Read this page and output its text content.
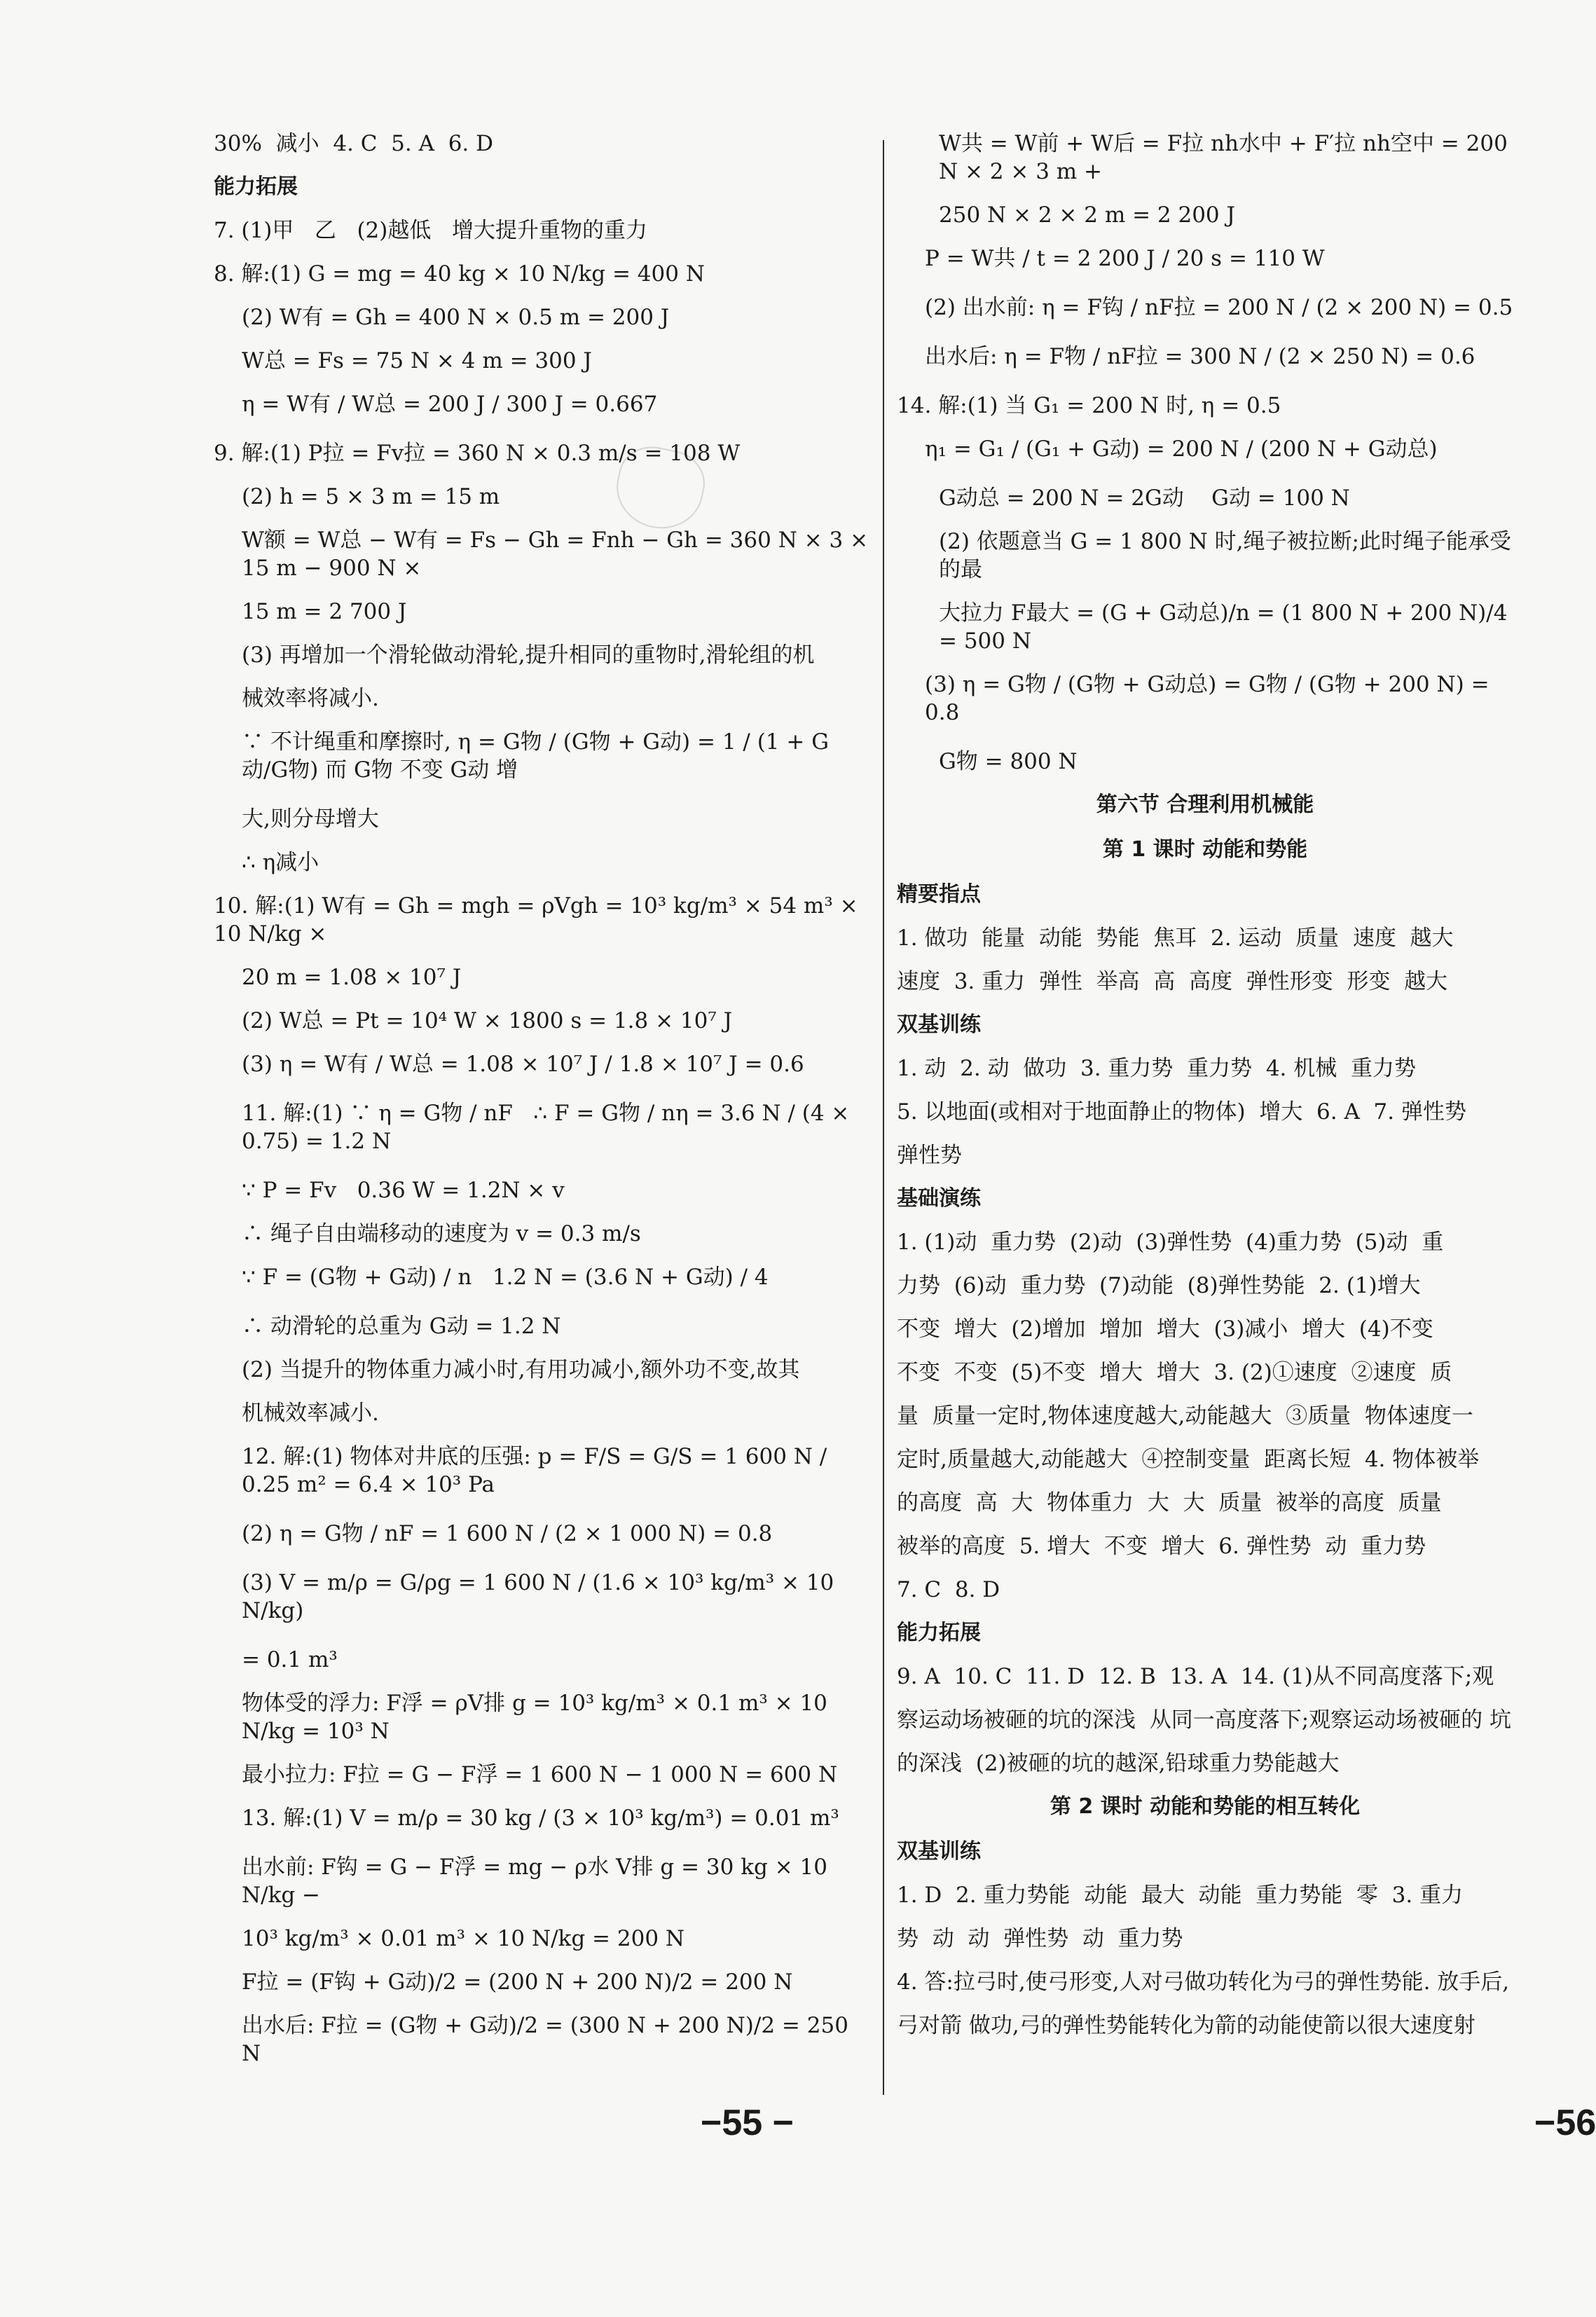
30%  减小  4. C  5. A  6. D
能力拓展
7. (1)甲   乙   (2)越低   增大提升重物的重力
8. 解:(1) G = mg = 40 kg × 10 N/kg = 400 N
(2) W有 = Gh = 400 N × 0.5 m = 200 J
W总 = Fs = 75 N × 4 m = 300 J
η = W有 / W总 = 200 J / 300 J = 0.667
9. 解:(1) P拉 = Fv拉 = 360 N × 0.3 m/s = 108 W
(2) h = 5 × 3 m = 15 m
W额 = W总 − W有 = Fs − Gh = Fnh − Gh = 360 N × 3 × 15 m − 900 N ×
15 m = 2 700 J
(3) 再增加一个滑轮做动滑轮,提升相同的重物时,滑轮组的机
械效率将减小.
∵ 不计绳重和摩擦时, η = G物 / (G物 + G动) = 1 / (1 + G动/G物) 而 G物 不变 G动 增
大,则分母增大
∴ η减小
10. 解:(1) W有 = Gh = mgh = ρVgh = 10³ kg/m³ × 54 m³ × 10 N/kg ×
20 m = 1.08 × 10⁷ J
(2) W总 = Pt = 10⁴ W × 1800 s = 1.8 × 10⁷ J
(3) η = W有 / W总 = 1.08 × 10⁷ J / 1.8 × 10⁷ J = 0.6
11. 解:(1) ∵ η = G物 / nF   ∴ F = G物 / nη = 3.6 N / (4 × 0.75) = 1.2 N
∵ P = Fv   0.36 W = 1.2N × v
∴ 绳子自由端移动的速度为 v = 0.3 m/s
∵ F = (G物 + G动) / n   1.2 N = (3.6 N + G动) / 4
∴ 动滑轮的总重为 G动 = 1.2 N
(2) 当提升的物体重力减小时,有用功减小,额外功不变,故其
机械效率减小.
12. 解:(1) 物体对井底的压强: p = F/S = G/S = 1 600 N / 0.25 m² = 6.4 × 10³ Pa
(2) η = G物 / nF = 1 600 N / (2 × 1 000 N) = 0.8
(3) V = m/ρ = G/ρg = 1 600 N / (1.6 × 10³ kg/m³ × 10 N/kg)
= 0.1 m³
物体受的浮力: F浮 = ρV排 g = 10³ kg/m³ × 0.1 m³ × 10 N/kg = 10³ N
最小拉力: F拉 = G − F浮 = 1 600 N − 1 000 N = 600 N
13. 解:(1) V = m/ρ = 30 kg / (3 × 10³ kg/m³) = 0.01 m³
出水前: F钩 = G − F浮 = mg − ρ水 V排 g = 30 kg × 10 N/kg −
10³ kg/m³ × 0.01 m³ × 10 N/kg = 200 N
F拉 = (F钩 + G动)/2 = (200 N + 200 N)/2 = 200 N
出水后: F拉 = (G物 + G动)/2 = (300 N + 200 N)/2 = 250 N
W共 = W前 + W后 = F拉 nh水中 + F′拉 nh空中 = 200 N × 2 × 3 m +
250 N × 2 × 2 m = 2 200 J
P = W共 / t = 2 200 J / 20 s = 110 W
(2) 出水前: η = F钩 / nF拉 = 200 N / (2 × 200 N) = 0.5
出水后: η = F物 / nF拉 = 300 N / (2 × 250 N) = 0.6
14. 解:(1) 当 G₁ = 200 N 时, η = 0.5
η₁ = G₁ / (G₁ + G动) = 200 N / (200 N + G动总)
G动总 = 200 N = 2G动    G动 = 100 N
(2) 依题意当 G = 1 800 N 时,绳子被拉断;此时绳子能承受的最
大拉力 F最大 = (G + G动总)/n = (1 800 N + 200 N)/4 = 500 N
(3) η = G物 / (G物 + G动总) = G物 / (G物 + 200 N) = 0.8
G物 = 800 N
第六节 合理利用机械能
第 1 课时 动能和势能
精要指点
1. 做功  能量  动能  势能  焦耳  2. 运动  质量  速度  越大
速度  3. 重力  弹性  举高  高  高度  弹性形变  形变  越大
双基训练
1. 动  2. 动  做功  3. 重力势  重力势  4. 机械  重力势
5. 以地面(或相对于地面静止的物体)  增大  6. A  7. 弹性势
弹性势
基础演练
1. (1)动  重力势  (2)动  (3)弹性势  (4)重力势  (5)动  重
力势  (6)动  重力势  (7)动能  (8)弹性势能  2. (1)增大
不变  增大  (2)增加  增加  增大  (3)减小  增大  (4)不变
不变  不变  (5)不变  增大  增大  3. (2)①速度  ②速度  质
量  质量一定时,物体速度越大,动能越大  ③质量  物体速度一
定时,质量越大,动能越大  ④控制变量  距离长短  4. 物体被举
的高度  高  大  物体重力  大  大  质量  被举的高度  质量
被举的高度  5. 增大  不变  增大  6. 弹性势  动  重力势
7. C  8. D
能力拓展
9. A  10. C  11. D  12. B  13. A  14. (1)从不同高度落下;观
察运动场被砸的坑的深浅  从同一高度落下;观察运动场被砸的 坑
的深浅  (2)被砸的坑的越深,铅球重力势能越大
第 2 课时 动能和势能的相互转化
双基训练
1. D  2. 重力势能  动能  最大  动能  重力势能  零  3. 重力
势  动  动  弹性势  动  重力势
4. 答:拉弓时,使弓形变,人对弓做功转化为弓的弹性势能. 放手后,
弓对箭 做功,弓的弹性势能转化为箭的动能使箭以很大速度射
−55 −	−56
